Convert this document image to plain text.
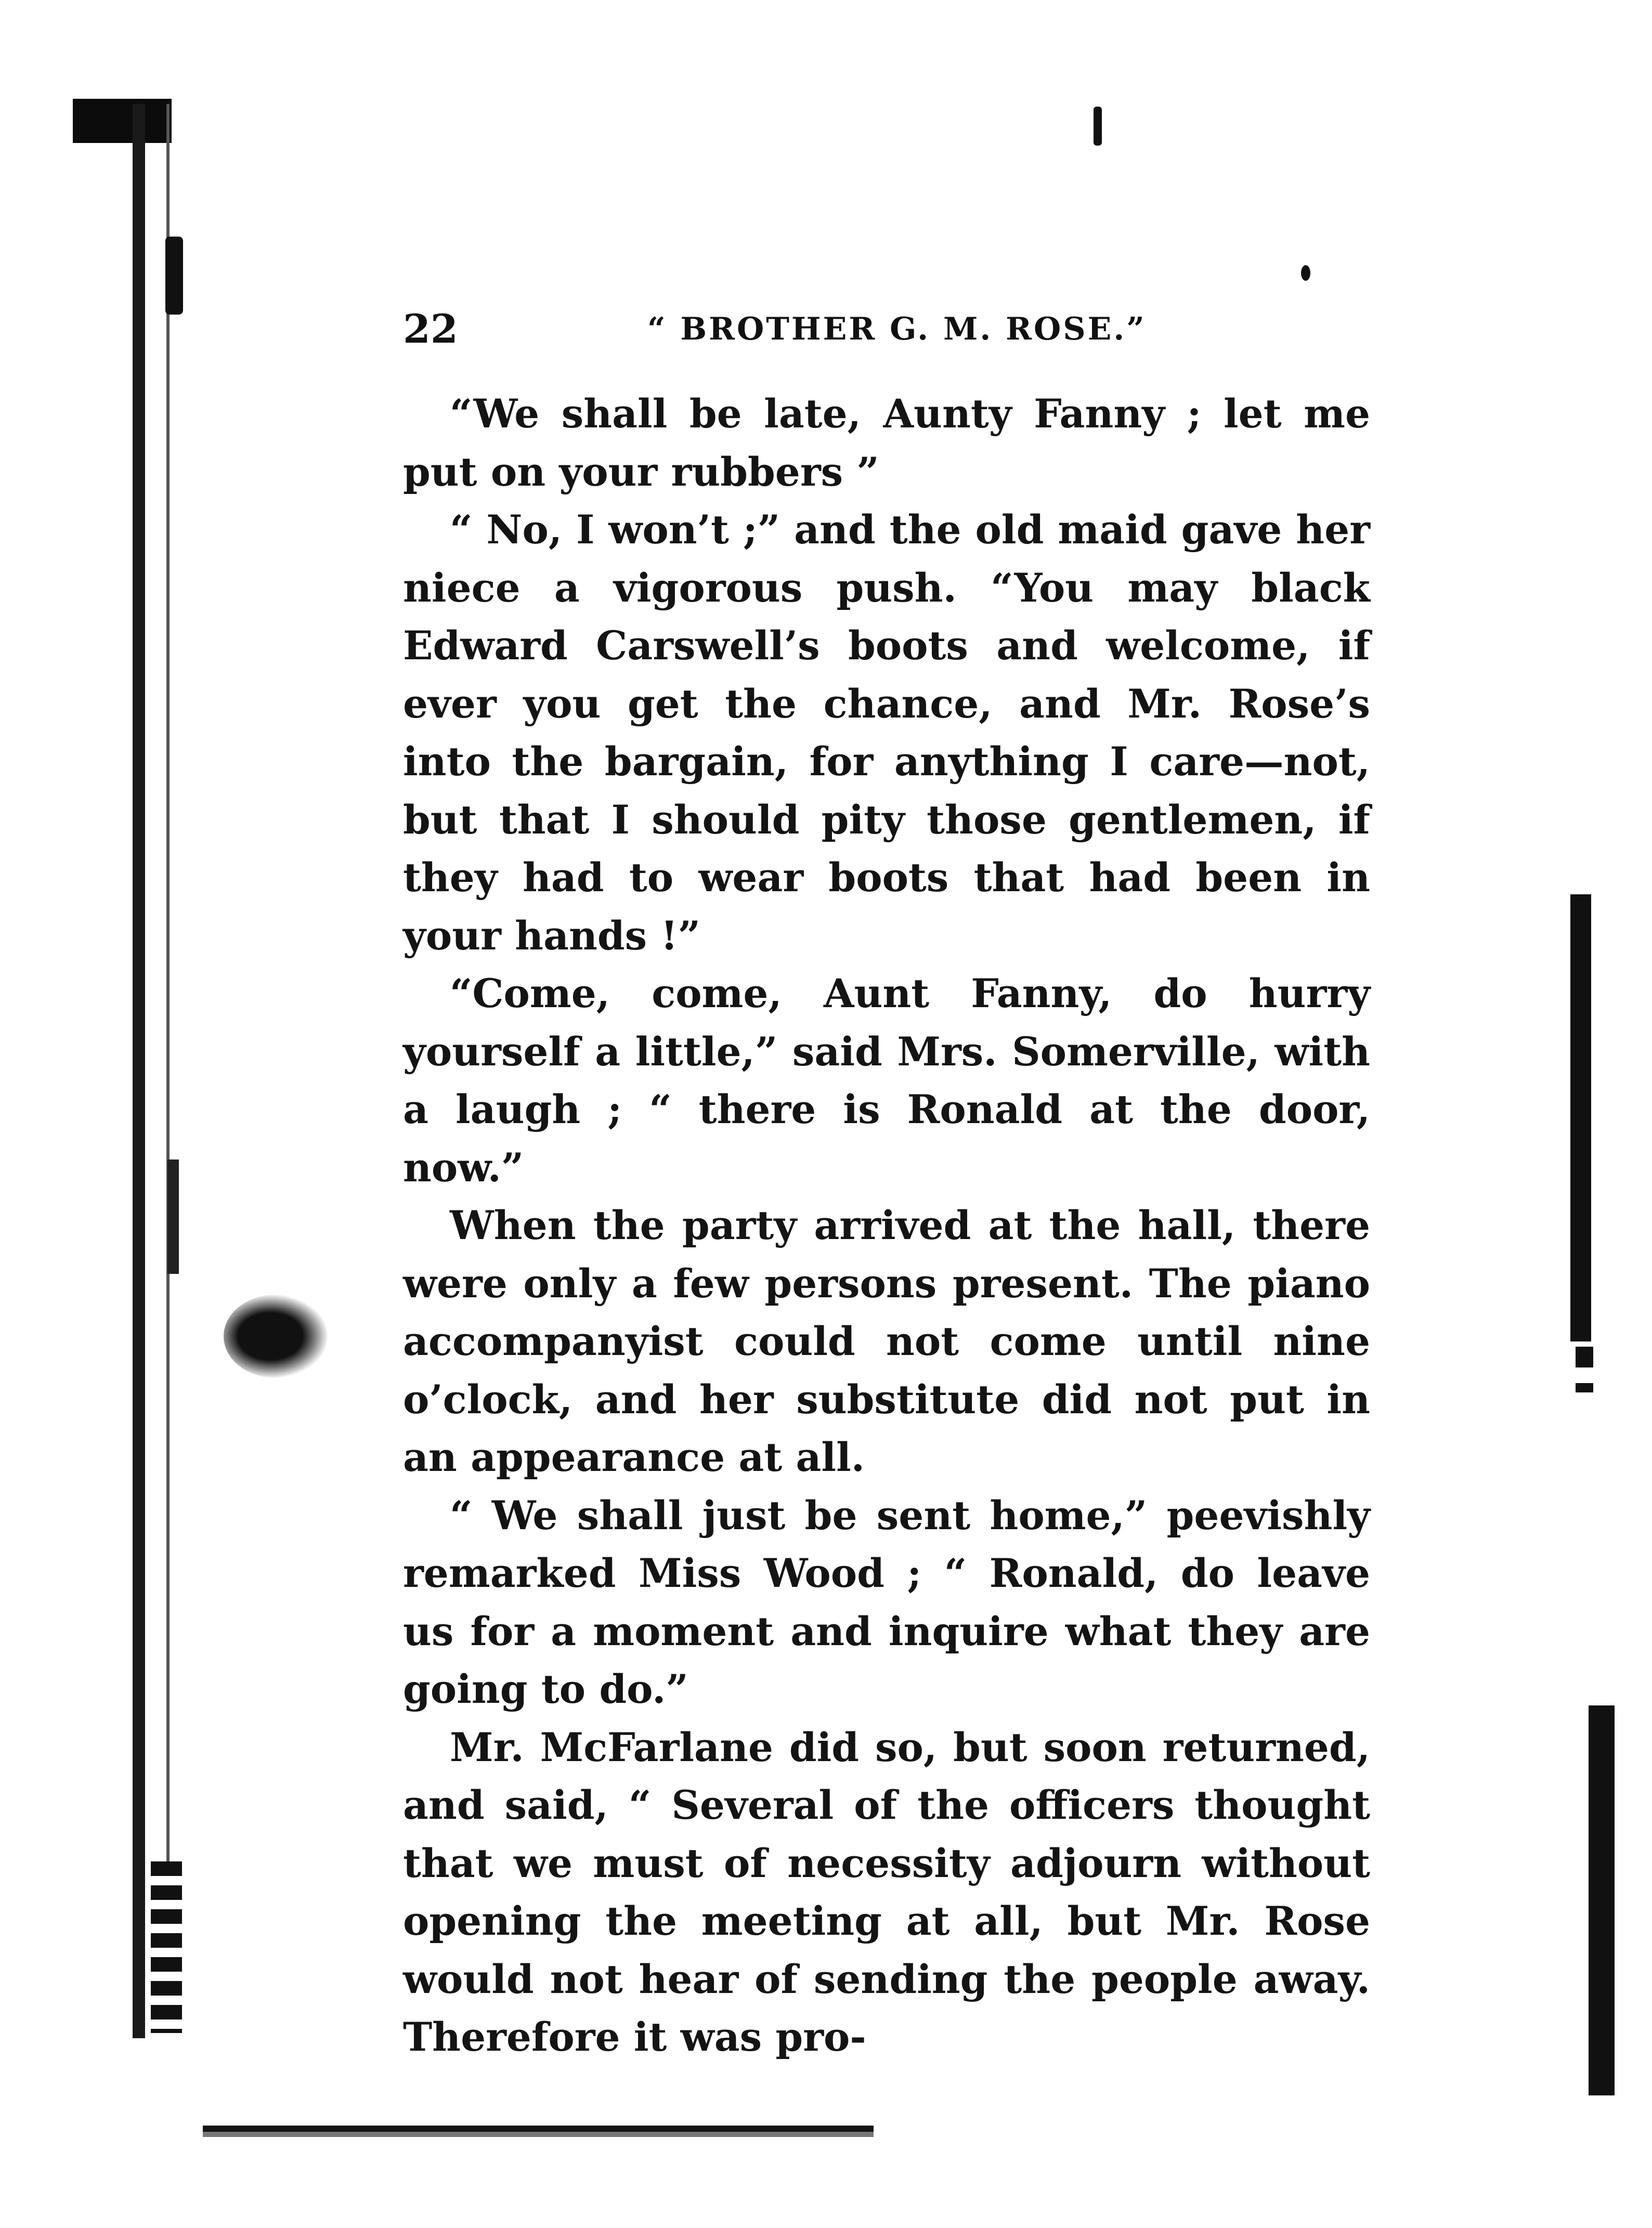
22	“ BROTHER G. M. ROSE.”

“We shall be late, Aunty Fanny ; let me put on your rubbers ”

“ No, I won’t ;” and the old maid gave her niece a vigorous push. “You may black Edward Carswell’s boots and welcome, if ever you get the chance, and Mr. Rose’s into the bargain, for anything I care—not, but that I should pity those gentlemen, if they had to wear boots that had been in your hands !”

“Come, come, Aunt Fanny, do hurry yourself a little,” said Mrs. Somerville, with a laugh ; “ there is Ronald at the door, now.”

When the party arrived at the hall, there were only a few persons present. The piano accompanyist could not come until nine o’clock, and her substitute did not put in an appearance at all.

“ We shall just be sent home,” peevishly remarked Miss Wood ; “ Ronald, do leave us for a moment and inquire what they are going to do.”

Mr. McFarlane did so, but soon returned, and said, “ Several of the officers thought that we must of necessity adjourn without opening the meeting at all, but Mr. Rose would not hear of sending the people away. Therefore it was pro-
